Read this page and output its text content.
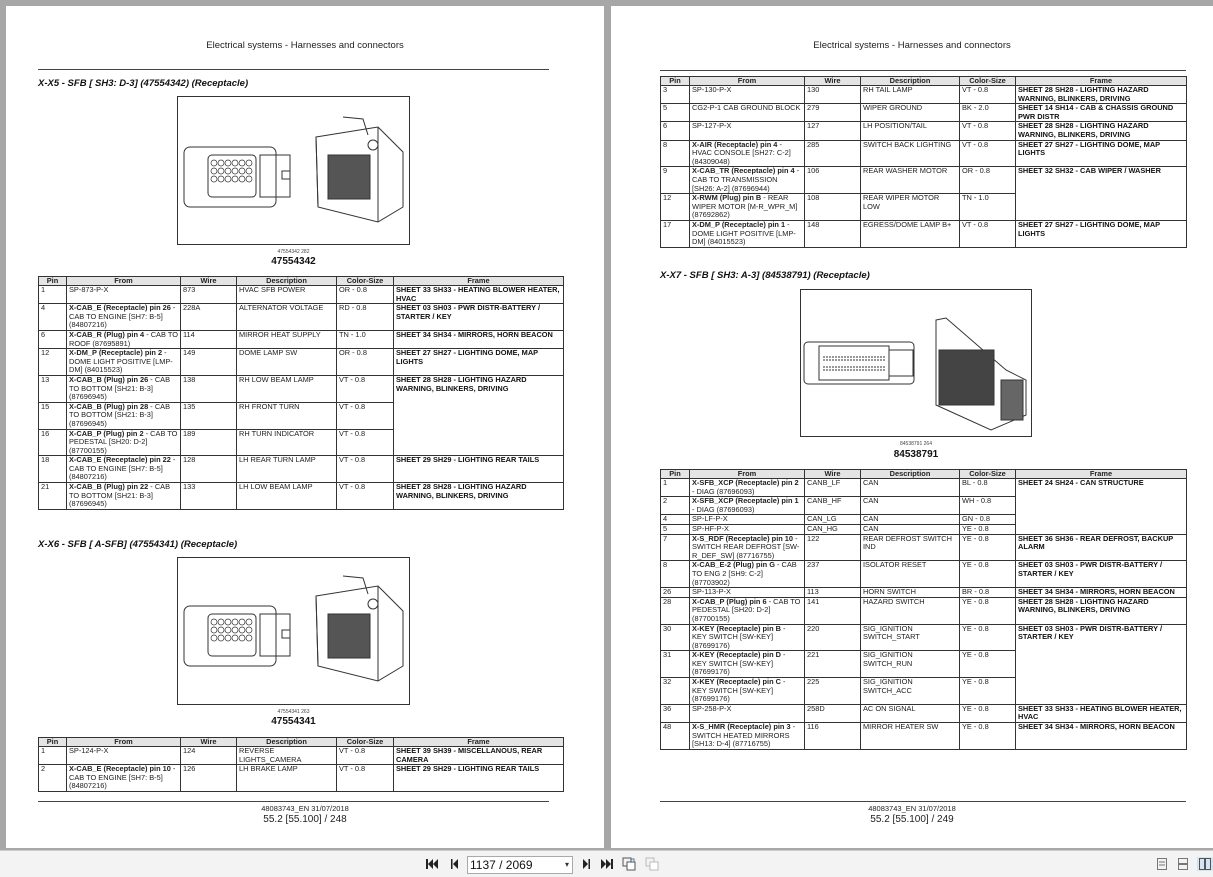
Electrical systems - Harnesses and connectors
X-X5 - SFB [ SH3: D-3] (47554342) (Receptacle)
47554342 282
47554342
Pin	From	Wire	Description	Color-Size	Frame
1	SP-873-P-X	873	HVAC SFB POWER	OR - 0.8	SHEET 33 SH33 - HEATING BLOWER HEATER, HVAC
4	X-CAB_E (Receptacle) pin 26 - CAB TO ENGINE [SH7: B-5] (84807216)	228A	ALTERNATOR VOLTAGE	RD - 0.8	SHEET 03 SH03 - PWR DISTR-BATTERY / STARTER / KEY
6	X-CAB_R (Plug) pin 4 - CAB TO ROOF (87695891)	114	MIRROR HEAT SUPPLY	TN - 1.0	SHEET 34 SH34 - MIRRORS, HORN BEACON
12	X-DM_P (Receptacle) pin 2 - DOME LIGHT POSITIVE [LMP-DM] (84015523)	149	DOME LAMP SW	OR - 0.8	SHEET 27 SH27 - LIGHTING DOME, MAP LIGHTS
13	X-CAB_B (Plug) pin 26 - CAB TO BOTTOM [SH21: B-3] (87696945)	138	RH LOW BEAM LAMP	VT - 0.8	SHEET 28 SH28 - LIGHTING HAZARD WARNING, BLINKERS, DRIVING
15	X-CAB_B (Plug) pin 28 - CAB TO BOTTOM [SH21: B-3] (87696945)	135	RH FRONT TURN	VT - 0.8	
16	X-CAB_P (Plug) pin 2 - CAB TO PEDESTAL [SH20: D-2] (87700155)	189	RH TURN INDICATOR	VT - 0.8	
18	X-CAB_E (Receptacle) pin 22 - CAB TO ENGINE [SH7: B-5] (84807216)	128	LH REAR TURN LAMP	VT - 0.8	SHEET 29 SH29 - LIGHTING REAR TAILS
21	X-CAB_B (Plug) pin 22 - CAB TO BOTTOM [SH21: B-3] (87696945)	133	LH LOW BEAM LAMP	VT - 0.8	SHEET 28 SH28 - LIGHTING HAZARD WARNING, BLINKERS, DRIVING
X-X6 - SFB [ A-SFB] (47554341) (Receptacle)
47554341 263
47554341
Pin	From	Wire	Description	Color-Size	Frame
1	SP-124-P-X	124	REVERSE LIGHTS_CAMERA	VT - 0.8	SHEET 39 SH39 - MISCELLANOUS, REAR CAMERA
2	X-CAB_E (Receptacle) pin 10 - CAB TO ENGINE [SH7: B-5] (84807216)	126	LH BRAKE LAMP	VT - 0.8	SHEET 29 SH29 - LIGHTING REAR TAILS
48083743_EN 31/07/2018
55.2 [55.100] / 248
Electrical systems - Harnesses and connectors
Pin	From	Wire	Description	Color-Size	Frame
3	SP-130-P-X	130	RH TAIL LAMP	VT - 0.8	SHEET 28 SH28 - LIGHTING HAZARD WARNING, BLINKERS, DRIVING
5	CG2-P-1 CAB GROUND BLOCK	279	WIPER GROUND	BK - 2.0	SHEET 14 SH14 - CAB & CHASSIS GROUND PWR DISTR
6	SP-127-P-X	127	LH POSITION/TAIL	VT - 0.8	SHEET 28 SH28 - LIGHTING HAZARD WARNING, BLINKERS, DRIVING
8	X-AIR (Receptacle) pin 4 - HVAC CONSOLE [SH27: C-2] (84309048)	285	SWITCH BACK LIGHTING	VT - 0.8	SHEET 27 SH27 - LIGHTING DOME, MAP LIGHTS
9	X-CAB_TR (Receptacle) pin 4 - CAB TO TRANSMISSION [SH26: A-2] (87696944)	106	REAR WASHER MOTOR	OR - 0.8	SHEET 32 SH32 - CAB WIPER / WASHER
12	X-RWM (Plug) pin B - REAR WIPER MOTOR [M-R_WPR_M] (87692862)	108	REAR WIPER MOTOR LOW	TN - 1.0	
17	X-DM_P (Receptacle) pin 1 - DOME LIGHT POSITIVE [LMP-DM] (84015523)	148	EGRESS/DOME LAMP B+	VT - 0.8	SHEET 27 SH27 - LIGHTING DOME, MAP LIGHTS
X-X7 - SFB [ SH3: A-3] (84538791) (Receptacle)
84538791 264
84538791
Pin	From	Wire	Description	Color-Size	Frame
1	X-SFB_XCP (Receptacle) pin 2 - DIAG (87696093)	CANB_LF	CAN	BL - 0.8	SHEET 24 SH24 - CAN STRUCTURE
2	X-SFB_XCP (Receptacle) pin 1 - DIAG (87696093)	CANB_HF	CAN	WH - 0.8	
4	SP-LF-P-X	CAN_LG	CAN	GN - 0.8	
5	SP-HF-P-X	CAN_HG	CAN	YE - 0.8	
7	X-S_RDF (Receptacle) pin 10 - SWITCH REAR DEFROST [SW-R_DEF_SW] (87716755)	122	REAR DEFROST SWITCH IND	YE - 0.8	SHEET 36 SH36 - REAR DEFROST, BACKUP ALARM
8	X-CAB_E-2 (Plug) pin G - CAB TO ENG 2 [SH9: C-2] (87703902)	237	ISOLATOR RESET	YE - 0.8	SHEET 03 SH03 - PWR DISTR-BATTERY / STARTER / KEY
26	SP-113-P-X	113	HORN SWITCH	BR - 0.8	SHEET 34 SH34 - MIRRORS, HORN BEACON
28	X-CAB_P (Plug) pin 6 - CAB TO PEDESTAL [SH20: D-2] (87700155)	141	HAZARD SWITCH	YE - 0.8	SHEET 28 SH28 - LIGHTING HAZARD WARNING, BLINKERS, DRIVING
30	X-KEY (Receptacle) pin B - KEY SWITCH [SW-KEY] (87699176)	220	SIG_IGNITION SWITCH_START	YE - 0.8	SHEET 03 SH03 - PWR DISTR-BATTERY / STARTER / KEY
31	X-KEY (Receptacle) pin D - KEY SWITCH [SW-KEY] (87699176)	221	SIG_IGNITION SWITCH_RUN	YE - 0.8	
32	X-KEY (Receptacle) pin C - KEY SWITCH [SW-KEY] (87699176)	225	SIG_IGNITION SWITCH_ACC	YE - 0.8	
36	SP-258-P-X	258D	AC ON SIGNAL	YE - 0.8	SHEET 33 SH33 - HEATING BLOWER HEATER, HVAC
48	X-S_HMR (Receptacle) pin 3 - SWITCH HEATED MIRRORS [SH13: D-4] (87716755)	116	MIRROR HEATER SW	YE - 0.8	SHEET 34 SH34 - MIRRORS, HORN BEACON
48083743_EN 31/07/2018
55.2 [55.100] / 249
1137 / 2069	▾
